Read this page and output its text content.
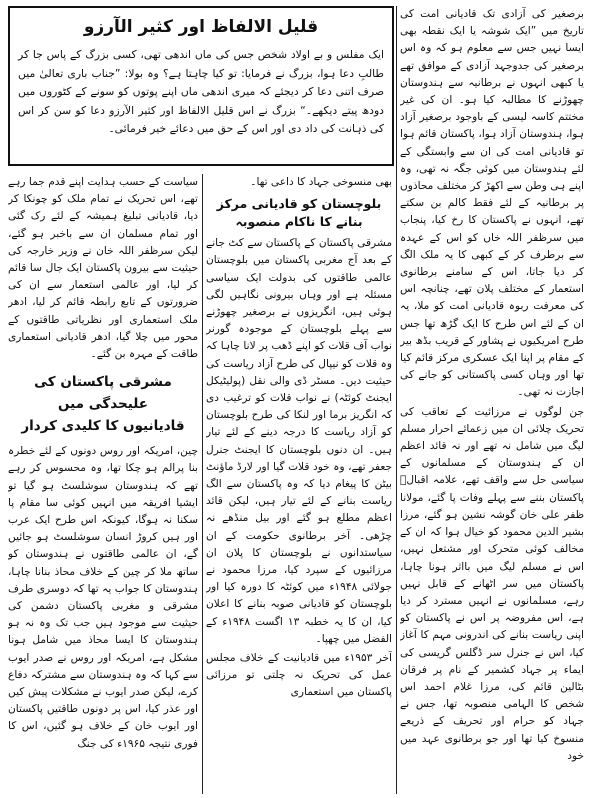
قلیل الالفاظ اور کثیر الآرزو

ایک مفلس و بے اولاد شخص جس کی ماں اندھی تھی، کسی بزرگ کے پاس جا کر طالبِ دعا ہوا، بزرگ نے فرمایا: تو کیا چاہتا ہے؟ وہ بولا: ”جناب باری تعالیٰ میں صرف اتنی دعا کر دیجئے کہ میری اندھی ماں اپنے پوتوں کو سونے کے کٹوروں میں دودھ پیتے دیکھے۔“ بزرگ نے اس قلیل الالفاظ اور کثیر الآرزو دعا کو سن کر اس کی ذہانت کی داد دی اور اس کے حق میں دعائے خیر فرمائی۔

برصغیر کی آزادی تک قادیانی امت کی تاریخ میں ”ایک شوشہ یا ایک نقطہ بھی ایسا نہیں جس سے معلوم ہو کہ وہ اس برصغیر کی جدوجہد آزادی کے موافق تھے یا کبھی انہوں نے برطانیہ سے ہندوستان چھوڑنے کا مطالبہ کیا ہو۔ ان کی غیر مختتم کاسہ لیسی کے باوجود برصغیر آزاد ہوا، ہندوستان آزاد ہوا، پاکستان قائم ہوا تو قادیانی امت کی ان سے وابستگی کے لئے ہندوستان میں کوئی جگہ نہ تھی، وہ اپنے ہی وطن سے اکھڑ کر مختلف محاذوں پر برطانیہ کے لئے فقط کالم بن سکتے تھے، انہوں نے پاکستان کا رخ کیا، پنجاب میں سرظفر اللہ خاں کو اس کے عہدہ سے برطرف کر کے کبھی کا یہ ملک الگ کر دیا جاتا، اس کے سامنے برطانوی استعمار کے مختلف پلان تھے، چنانچہ اس کی معرفت ربوہ قادیانی امت کو ملا، یہ ان کے لئے اس طرح کا ایک گڑھ تھا جس طرح امریکیوں نے پشاور کے قریب بڈھ بیر کے مقام پر اپنا ایک عسکری مرکز قائم کیا تھا اور وہاں کسی پاکستانی کو جانے کی اجازت نہ تھی۔

جن لوگوں نے مرزائیت کے تعاقب کی تحریک چلائی ان میں زعمائے احرار مسلم لیگ میں شامل نہ تھے اور نہ قائد اعظم ان کے ہندوستان کے مسلمانوں کے سیاسی حل سے واقف تھے، علامہ اقبالؒ پاکستان بننے سے پہلے وفات پا گئے، مولانا ظفر علی خان گوشہ نشین ہو گئے، مرزا بشیر الدین محمود کو خیال ہوا کہ ان کے مخالف کوئی متحرک اور مشتعل نہیں، اس نے مسلم لیگ میں بااثر ہونا چاہا، پاکستان میں سر اٹھانے کے قابل نہیں رہے، مسلمانوں نے انہیں مسترد کر دیا ہے، اس مفروضہ پر اس نے پاکستان کو اپنی ریاست بنانے کی اندرونی مہم کا آغاز کیا، اس نے جنرل سر ڈگلس گریسی کی ایماء پر جہاد کشمیر کے نام پر فرقان بٹالین قائم کی، مرزا غلام احمد اس شخص کا الہامی منصوبہ تھا، جس نے جہاد کو حرام اور تحریف کے ذریعے منسوخ کیا تھا اور جو برطانوی عہد میں خود

بھی منسوخی جہاد کا داعی تھا۔

بلوچستان کو قادیانی مرکز بنانے کا ناکام منصوبہ

مشرقی پاکستان کے پاکستان سے کٹ جانے کے بعد آج مغربی پاکستان میں بلوچستان عالمی طاقتوں کی بدولت ایک سیاسی مسئلہ ہے اور وہاں بیرونی نگاہیں لگی ہوئی ہیں، انگریزوں نے برصغیر چھوڑنے سے پہلے بلوچستان کے موجودہ گورنر نواب آف قلات کو اپنے ڈھب پر لانا چاہا کہ وہ قلات کو نیپال کی طرح آزاد ریاست کی حیثیت دیں۔ مسٹر ڈی والی نقل (پولیٹیکل ایجنٹ کوئٹہ) نے نواب قلات کو ترغیب دی کہ انگریز برما اور لنکا کی طرح بلوچستان کو آزاد ریاست کا درجہ دینے کے لئے تیار ہیں۔ ان دنوں بلوچستان کا ایجنٹ جنرل جعفر تھے، وہ خود قلات گیا اور لارڈ ماؤنٹ بیٹن کا پیغام دیا کہ وہ پاکستان سے الگ ریاست بنانے کے لئے تیار ہیں، لیکن قائد اعظم مطلع ہو گئے اور بیل منڈھے نہ چڑھی۔ آخر برطانوی حکومت کے ان سیاستدانوں نے بلوچستان کا پلان ان مرزائیوں کے سپرد کیا، مرزا محمود نے جولائی ۱۹۴۸ء میں کوئٹہ کا دورہ کیا اور بلوچستان کو قادیانی صوبہ بنانے کا اعلان کیا، ان کا یہ خطبہ ۱۳ اگست ۱۹۴۸ء کے الفضل میں چھپا۔

آخر ۱۹۵۳ء میں قادیانیت کے خلاف مجلس عمل کی تحریک نہ چلتی تو مرزائی پاکستان میں استعماری

سیاست کے حسب ہدایت اپنے قدم جما رہے تھے، اس تحریک نے تمام ملک کو چونکا کر دیا، قادیانی تبلیغ ہمیشہ کے لئے رک گئی اور تمام مسلمان ان سے باخبر ہو گئے، لیکن سرظفر اللہ خان نے وزیر خارجہ کی حیثیت سے بیرون پاکستان ایک جال سا قائم کر لیا، اور عالمی استعمار سے ان کی ضرورتوں کے تابع رابطہ قائم کر لیا، ادھر ملک استعماری اور نظریاتی طاقتوں کے محور میں چلا گیا، ادھر قادیانی استعماری طاقت کے مہرہ بن گئے۔

مشرقی پاکستان کی علیحدگی میں
قادیانیوں کا کلیدی کردار

چین، امریکہ اور روس دونوں کے لئے خطرہ بنا پرالم ہو چکا تھا، وہ محسوس کر رہے تھے کہ ہندوستان سوشلسٹ ہو گیا تو ایشیا افریقہ میں انہیں کوئی سا مقام پا سکنا نہ ہوگا، کیونکہ اس طرح ایک عرب اور ہیں کروڑ انسان سوشلسٹ ہو جائیں گے، ان عالمی طاقتوں نے ہندوستان کو ساتھ ملا کر چین کے خلاف محاذ بنانا چاہا، ہندوستان کا جواب یہ تھا کہ دوسری طرف مشرقی و مغربی پاکستان دشمن کی حیثیت سے موجود ہیں جب تک وہ نہ ہو ہندوستان کا ایسا محاذ میں شامل ہونا مشکل ہے، امریکہ اور روس نے صدر ایوب سے کہا کہ وہ ہندوستان سے مشترکہ دفاع کرے، لیکن صدر ایوب نے مشکلات پیش کیں اور عذر کیا، اس پر دونوں طاقتیں پاکستان اور ایوب خان کے خلاف ہو گئیں، اس کا فوری نتیجہ ۱۹۶۵ء کی جنگ
